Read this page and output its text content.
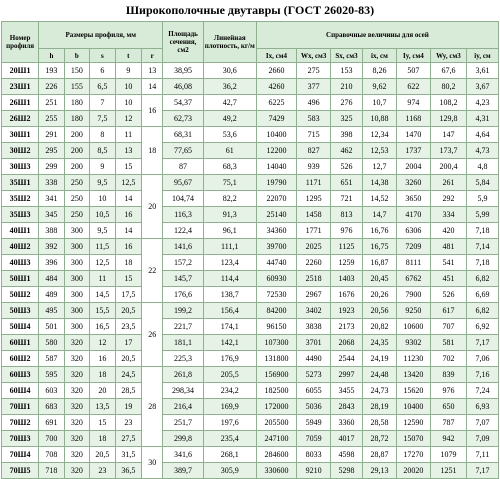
Широкополочные двутавры (ГОСТ 26020-83)
Номер профиля	Размеры профиля, мм					Площадь сечения, см2	Линейная плотность, кг/м	Справочные величины для осей						
	h	b	s	t	r			Ix, см4	Wx, см3	Sx, см3	ix, см	Iy, см4	Wy, см3	iy, см
20Ш1	193	150	6	9	13	38,95	30,6	2660	275	153	8,26	507	67,6	3,61
23Ш1	226	155	6,5	10	14	46,08	36,2	4260	377	210	9,62	622	80,2	3,67
26Ш1	251	180	7	10	16	54,37	42,7	6225	496	276	10,7	974	108,2	4,23
26Ш2	255	180	7,5	12		62,73	49,2	7429	583	325	10,88	1168	129,8	4,31
30Ш1	291	200	8	11	18	68,31	53,6	10400	715	398	12,34	1470	147	4,64
30Ш2	295	200	8,5	13		77,65	61	12200	827	462	12,53	1737	173,7	4,73
30Ш3	299	200	9	15		87	68,3	14040	939	526	12,7	2004	200,4	4,8
35Ш1	338	250	9,5	12,5	20	95,67	75,1	19790	1171	651	14,38	3260	261	5,84
35Ш2	341	250	10	14		104,74	82,2	22070	1295	721	14,52	3650	292	5,9
35Ш3	345	250	10,5	16		116,3	91,3	25140	1458	813	14,7	4170	334	5,99
40Ш1	388	300	9,5	14		122,4	96,1	34360	1771	976	16,76	6306	420	7,18
40Ш2	392	300	11,5	16	22	141,6	111,1	39700	2025	1125	16,75	7209	481	7,14
40Ш3	396	300	12,5	18		157,2	123,4	44740	2260	1259	16,87	8111	541	7,18
50Ш1	484	300	11	15		145,7	114,4	60930	2518	1403	20,45	6762	451	6,82
50Ш2	489	300	14,5	17,5		176,6	138,7	72530	2967	1676	20,26	7900	526	6,69
50Ш3	495	300	15,5	20,5	26	199,2	156,4	84200	3402	1923	20,56	9250	617	6,82
50Ш4	501	300	16,5	23,5		221,7	174,1	96150	3838	2173	20,82	10600	707	6,92
60Ш1	580	320	12	17		181,1	142,1	107300	3701	2068	24,35	9302	581	7,17
60Ш2	587	320	16	20,5		225,3	176,9	131800	4490	2544	24,19	11230	702	7,06
60Ш3	595	320	18	24,5	28	261,8	205,5	156900	5273	2997	24,48	13420	839	7,16
60Ш4	603	320	20	28,5		298,34	234,2	182500	6055	3455	24,73	15620	976	7,24
70Ш1	683	320	13,5	19		216,4	169,9	172000	5036	2843	28,19	10400	650	6,93
70Ш2	691	320	15	23		251,7	197,6	205500	5949	3360	28,58	12590	787	7,07
70Ш3	700	320	18	27,5		299,8	235,4	247100	7059	4017	28,72	15070	942	7,09
70Ш4	708	320	20,5	31,5	30	341,6	268,1	284600	8033	4598	28,87	17270	1079	7,11
70Ш5	718	320	23	36,5		389,7	305,9	330600	9210	5298	29,13	20020	1251	7,17
